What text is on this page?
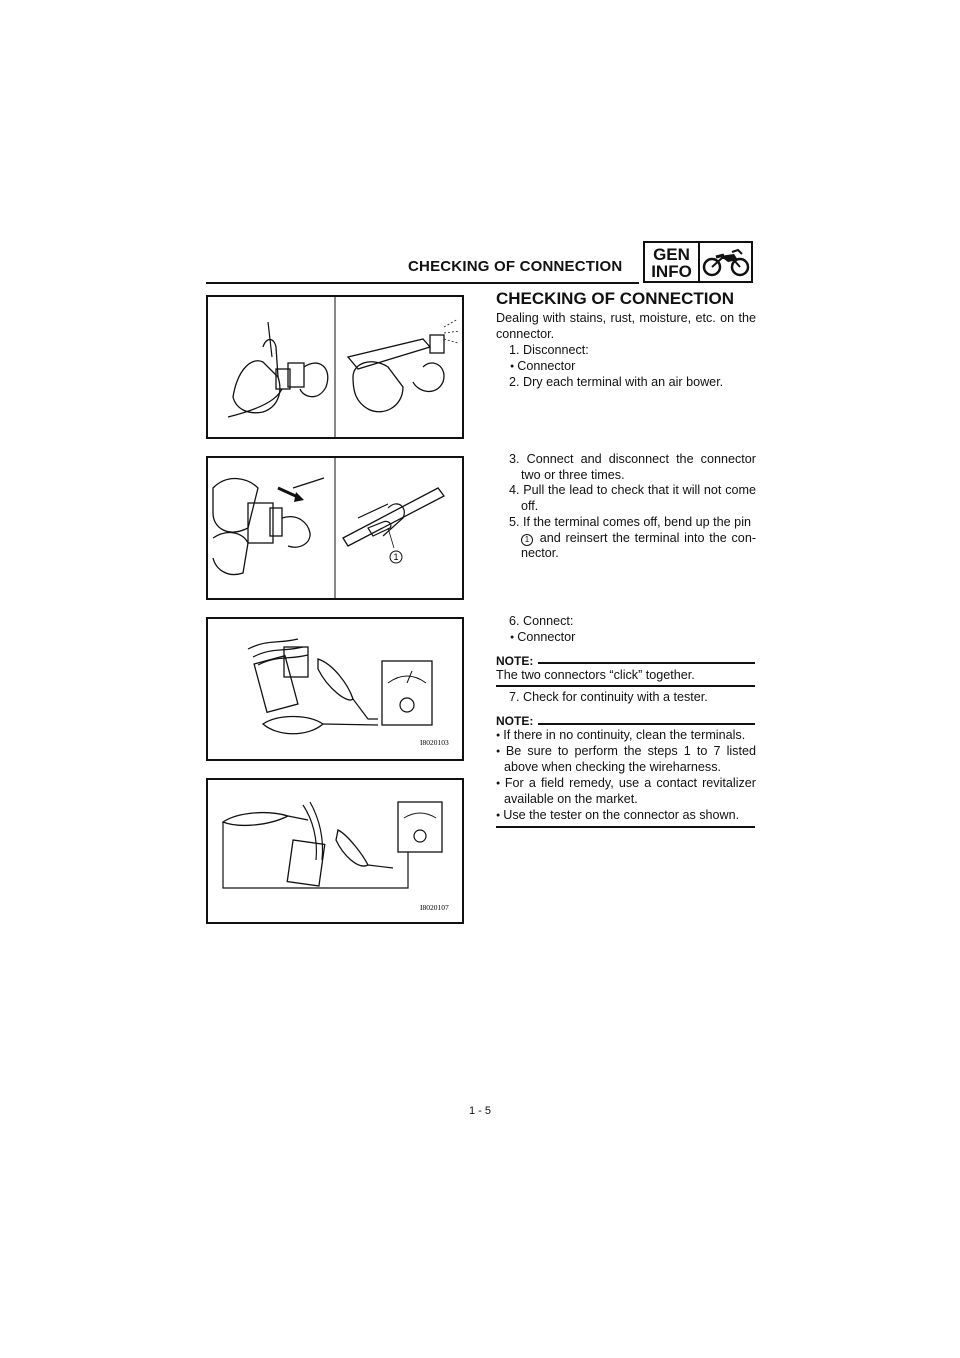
CHECKING OF CONNECTION
GEN
INFO
1
I8020103
I8020107
CHECKING OF CONNECTION
Dealing with stains, rust, moisture, etc. on the connector.
1. Disconnect:
● Connector
2. Dry each terminal with an air bower.
3. Connect and disconnect the connector two or three times.
4. Pull the lead to check that it will not come off.
5. If the terminal comes off, bend up the pin
1 and reinsert the terminal into the con-nector.
6. Connect:
● Connector
NOTE:
The two connectors “click” together.
7. Check for continuity with a tester.
NOTE:
● If there in no continuity, clean the terminals.
● Be sure to perform the steps 1 to 7 listed above when checking the wireharness.
● For a field remedy, use a contact revitalizer available on the market.
● Use the tester on the connector as shown.
1 - 5
